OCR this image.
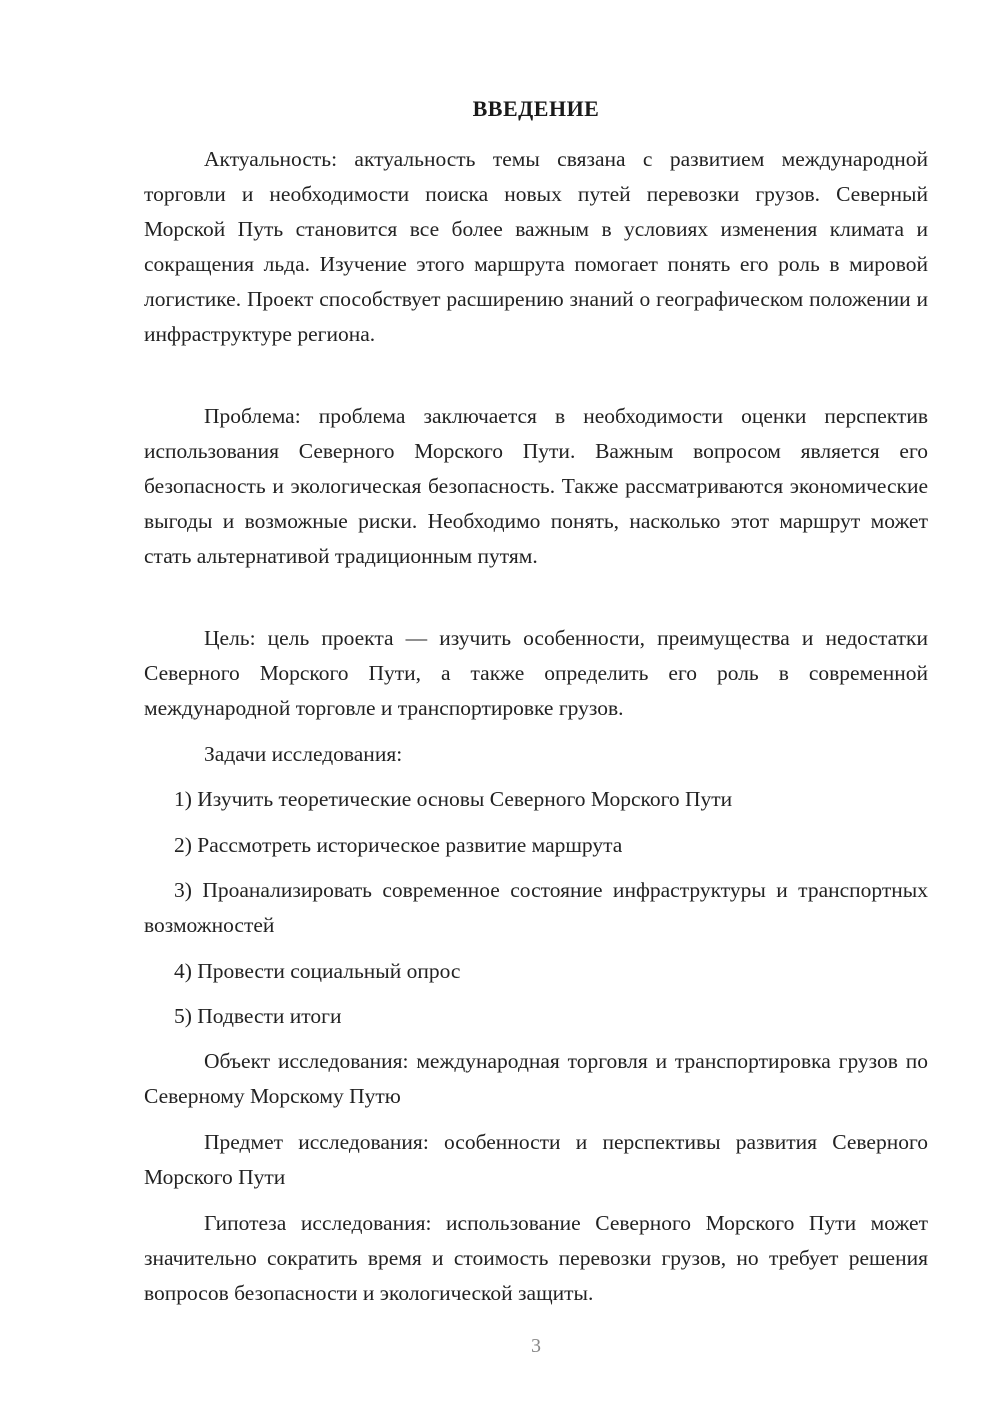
ВВЕДЕНИЕ

Актуальность: актуальность темы связана с развитием международной торговли и необходимости поиска новых путей перевозки грузов. Северный Морской Путь становится все более важным в условиях изменения климата и сокращения льда. Изучение этого маршрута помогает понять его роль в мировой логистике. Проект способствует расширению знаний о географическом положении и инфраструктуре региона.

Проблема: проблема заключается в необходимости оценки перспектив использования Северного Морского Пути. Важным вопросом является его безопасность и экологическая безопасность. Также рассматриваются экономические выгоды и возможные риски. Необходимо понять, насколько этот маршрут может стать альтернативой традиционным путям.

Цель: цель проекта — изучить особенности, преимущества и недостатки Северного Морского Пути, а также определить его роль в современной международной торговле и транспортировке грузов.

Задачи исследования:

1) Изучить теоретические основы Северного Морского Пути

2) Рассмотреть историческое развитие маршрута

3) Проанализировать современное состояние инфраструктуры и транспортных возможностей

4) Провести социальный опрос

5) Подвести итоги

Объект исследования: международная торговля и транспортировка грузов по Северному Морскому Путю

Предмет исследования: особенности и перспективы развития Северного Морского Пути

Гипотеза исследования: использование Северного Морского Пути может значительно сократить время и стоимость перевозки грузов, но требует решения вопросов безопасности и экологической защиты.

3
